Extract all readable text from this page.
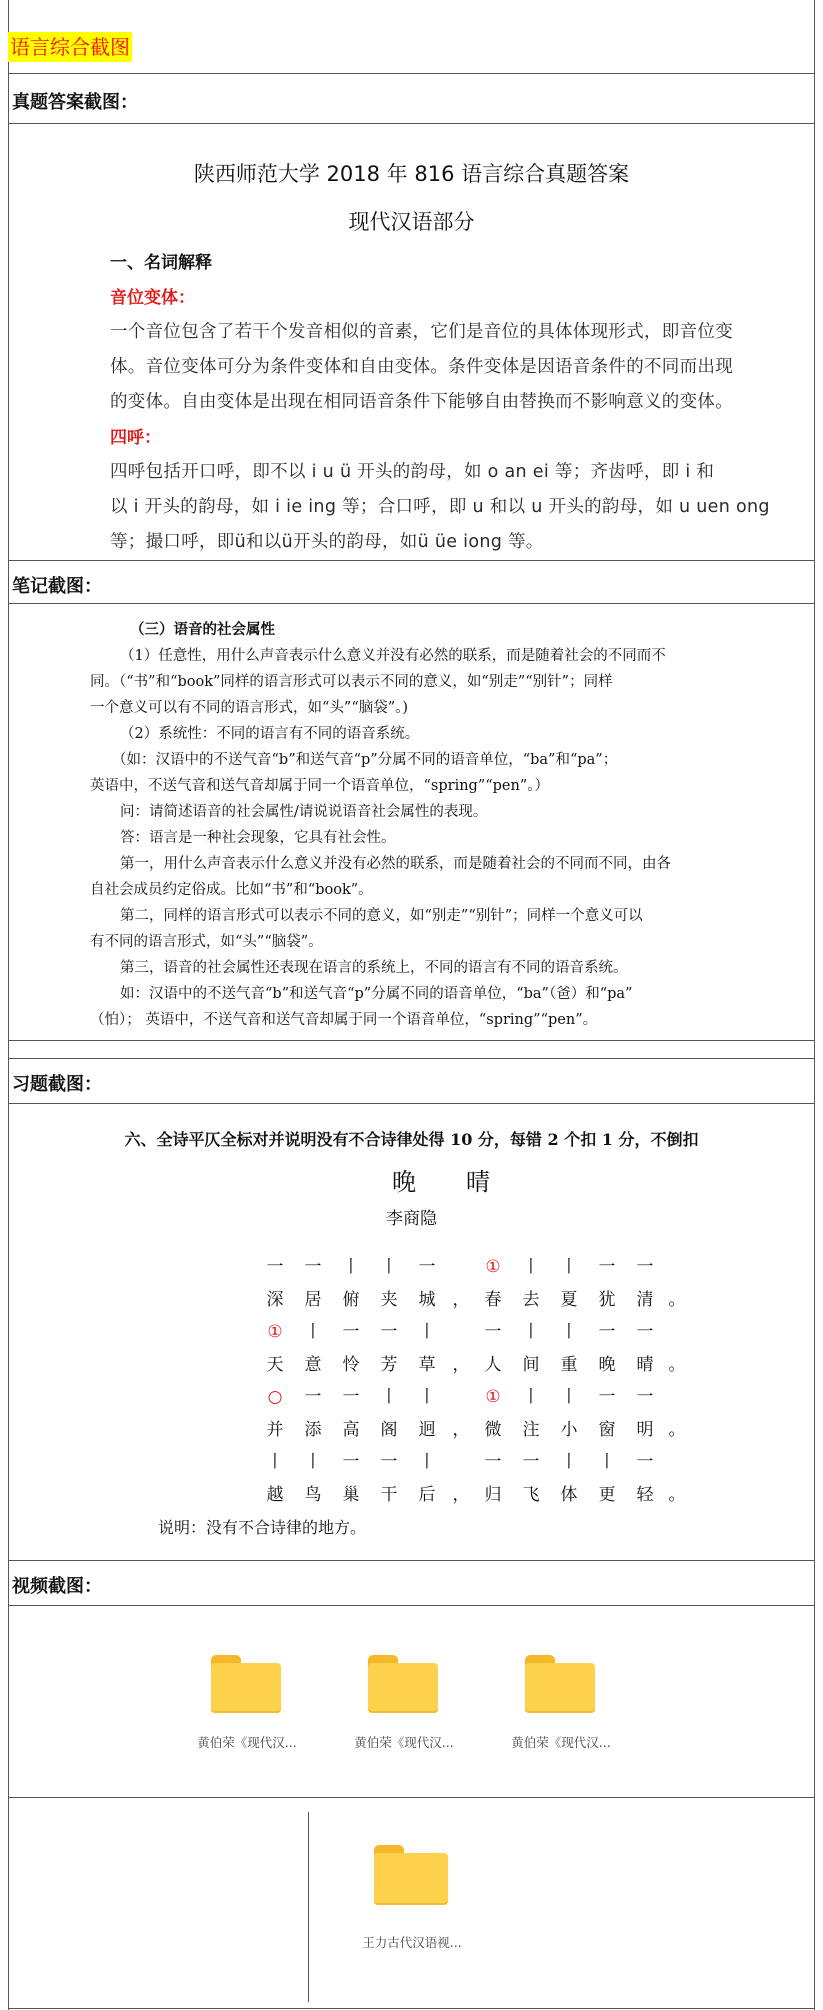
语言综合截图
真题答案截图：
陕西师范大学 2018 年 816 语言综合真题答案
现代汉语部分
一、名词解释
音位变体：
一个音位包含了若干个发音相似的音素，它们是音位的具体体现形式，即音位变
体。音位变体可分为条件变体和自由变体。条件变体是因语音条件的不同而出现
的变体。自由变体是出现在相同语音条件下能够自由替换而不影响意义的变体。
四呼：
四呼包括开口呼，即不以 i u ü 开头的韵母，如 o an ei 等；齐齿呼，即 i 和
以 i 开头的韵母，如 i ie ing 等；合口呼，即 u 和以 u 开头的韵母，如 u uen ong
等；撮口呼，即ü和以ü开头的韵母，如ü üe iong 等。
笔记截图：
（三）语音的社会属性
（1）任意性，用什么声音表示什么意义并没有必然的联系，而是随着社会的不同而不
同。（“书”和“book”同样的语言形式可以表示不同的意义，如“别走”“别针”；同样
一个意义可以有不同的语言形式，如“头”“脑袋”。)
（2）系统性：不同的语言有不同的语音系统。
（如：汉语中的不送气音“b”和送气音“p”分属不同的语音单位，“ba”和“pa”；
英语中，不送气音和送气音却属于同一个语音单位，“spring”“pen”。）
问：请简述语音的社会属性/请说说语音社会属性的表现。
答：语言是一种社会现象，它具有社会性。
第一，用什么声音表示什么意义并没有必然的联系，而是随着社会的不同而不同，由各
自社会成员约定俗成。比如“书”和“book”。
第二，同样的语言形式可以表示不同的意义，如“别走”“别针”；同样一个意义可以
有不同的语言形式，如“头”“脑袋”。
第三，语音的社会属性还表现在语言的系统上，不同的语言有不同的语音系统。
如：汉语中的不送气音“b”和送气音“p”分属不同的语音单位，“ba”（爸）和“pa”
（怕）； 英语中，不送气音和送气音却属于同一个语音单位，“spring”“pen”。
习题截图：
六、全诗平仄全标对并说明没有不合诗律处得 10 分，每错 2 个扣 1 分，不倒扣
晚晴
李商隐
一	一	丨	丨	一	①	丨	丨	一	一
深	居	俯	夹	城	， 春	去	夏	犹	清 。
①	丨	一	一	丨	一	丨	丨	一	一
天	意	怜	芳	草	， 人	间	重	晚	晴 。
○	一	一	丨	丨	①	丨	丨	一	一
并	添	高	阁	迥	， 微	注	小	窗	明 。
丨	丨	一	一	丨	一	一	丨	丨	一
越	鸟	巢	干	后	， 归	飞	体	更	轻 。
说明：没有不合诗律的地方。
视频截图：
黄伯荣《现代汉...	黄伯荣《现代汉...	黄伯荣《现代汉...
王力古代汉语视...
